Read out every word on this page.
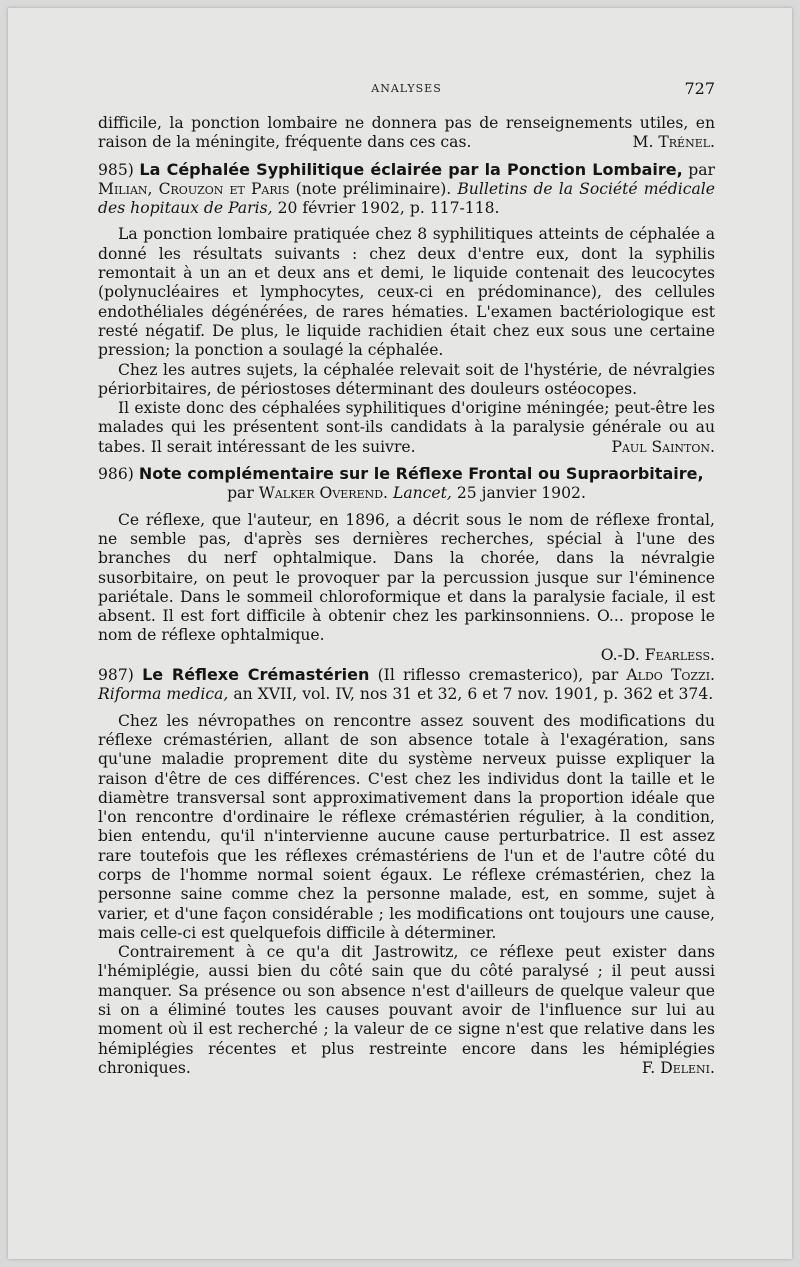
ANALYSES	727

difficile, la ponction lombaire ne donnera pas de renseignements utiles, en raison de la méningite, fréquente dans ces cas.	M. Trénel.

985) La Céphalée Syphilitique éclairée par la Ponction Lombaire, par Milian, Crouzon et Paris (note préliminaire). Bulletins de la Société médicale des hopitaux de Paris, 20 février 1902, p. 117-118.

La ponction lombaire pratiquée chez 8 syphilitiques atteints de céphalée a donné les résultats suivants : chez deux d'entre eux, dont la syphilis remontait à un an et deux ans et demi, le liquide contenait des leucocytes (polynucléaires et lymphocytes, ceux-ci en prédominance), des cellules endothéliales dégénérées, de rares hématies. L'examen bactériologique est resté négatif. De plus, le liquide rachidien était chez eux sous une certaine pression; la ponction a soulagé la céphalée.

Chez les autres sujets, la céphalée relevait soit de l'hystérie, de névralgies périorbitaires, de périostoses déterminant des douleurs ostéocopes.

Il existe donc des céphalées syphilitiques d'origine méningée; peut-être les malades qui les présentent sont-ils candidats à la paralysie générale ou au tabes. Il serait intéressant de les suivre.	Paul Sainton.

986) Note complémentaire sur le Réflexe Frontal ou Supraorbitaire,

par Walker Overend. Lancet, 25 janvier 1902.

Ce réflexe, que l'auteur, en 1896, a décrit sous le nom de réflexe frontal, ne semble pas, d'après ses dernières recherches, spécial à l'une des branches du nerf ophtalmique. Dans la chorée, dans la névralgie susorbitaire, on peut le provoquer par la percussion jusque sur l'éminence pariétale. Dans le sommeil chloroformique et dans la paralysie faciale, il est absent. Il est fort difficile à obtenir chez les parkinsonniens. O... propose le nom de réflexe ophtalmique.

O.-D. Fearless.

987) Le Réflexe Crémastérien (Il riflesso cremasterico), par Aldo Tozzi. Riforma medica, an XVII, vol. IV, nos 31 et 32, 6 et 7 nov. 1901, p. 362 et 374.

Chez les névropathes on rencontre assez souvent des modifications du réflexe crémastérien, allant de son absence totale à l'exagération, sans qu'une maladie proprement dite du système nerveux puisse expliquer la raison d'être de ces différences. C'est chez les individus dont la taille et le diamètre transversal sont approximativement dans la proportion idéale que l'on rencontre d'ordinaire le réflexe crémastérien régulier, à la condition, bien entendu, qu'il n'intervienne aucune cause perturbatrice. Il est assez rare toutefois que les réflexes crémastériens de l'un et de l'autre côté du corps de l'homme normal soient égaux. Le réflexe crémastérien, chez la personne saine comme chez la personne malade, est, en somme, sujet à varier, et d'une façon considérable ; les modifications ont toujours une cause, mais celle-ci est quelquefois difficile à déterminer.

Contrairement à ce qu'a dit Jastrowitz, ce réflexe peut exister dans l'hémiplégie, aussi bien du côté sain que du côté paralysé ; il peut aussi manquer. Sa présence ou son absence n'est d'ailleurs de quelque valeur que si on a éliminé toutes les causes pouvant avoir de l'influence sur lui au moment où il est recherché ; la valeur de ce signe n'est que relative dans les hémiplégies récentes et plus restreinte encore dans les hémiplégies chroniques.	F. Deleni.
